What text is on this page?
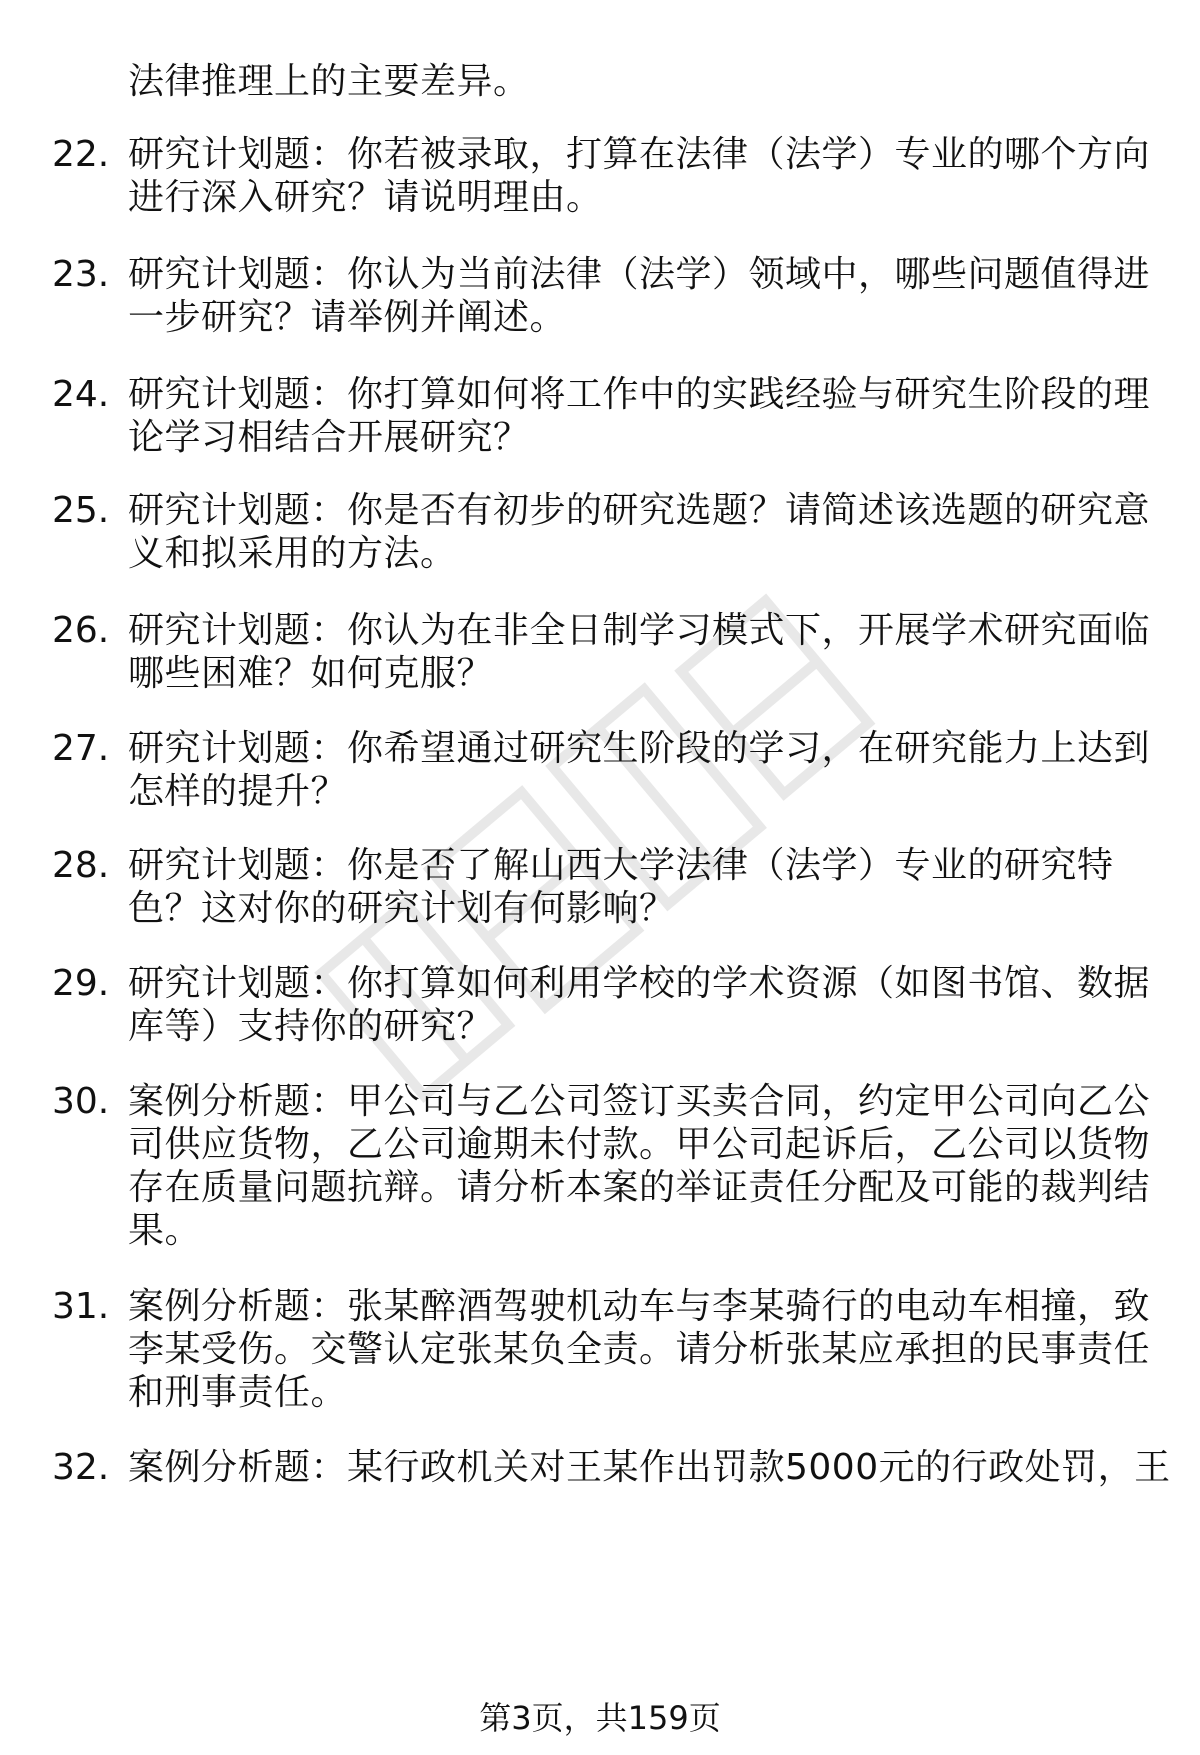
法律推理上的主要差异。
22. 研究计划题：你若被录取，打算在法律（法学）专业的哪个方向
进行深入研究？请说明理由。
23. 研究计划题：你认为当前法律（法学）领域中，哪些问题值得进
一步研究？请举例并阐述。
24. 研究计划题：你打算如何将工作中的实践经验与研究生阶段的理
论学习相结合开展研究？
25. 研究计划题：你是否有初步的研究选题？请简述该选题的研究意
义和拟采用的方法。
26. 研究计划题：你认为在非全日制学习模式下，开展学术研究面临
哪些困难？如何克服？
27. 研究计划题：你希望通过研究生阶段的学习，在研究能力上达到
怎样的提升？
28. 研究计划题：你是否了解山西大学法律（法学）专业的研究特
色？这对你的研究计划有何影响？
29. 研究计划题：你打算如何利用学校的学术资源（如图书馆、数据
库等）支持你的研究？
30. 案例分析题：甲公司与乙公司签订买卖合同，约定甲公司向乙公
司供应货物，乙公司逾期未付款。甲公司起诉后，乙公司以货物
存在质量问题抗辩。请分析本案的举证责任分配及可能的裁判结
果。
31. 案例分析题：张某醉酒驾驶机动车与李某骑行的电动车相撞，致
李某受伤。交警认定张某负全责。请分析张某应承担的民事责任
和刑事责任。
32. 案例分析题：某行政机关对王某作出罚款5000元的行政处罚，王
第3页，共159页
